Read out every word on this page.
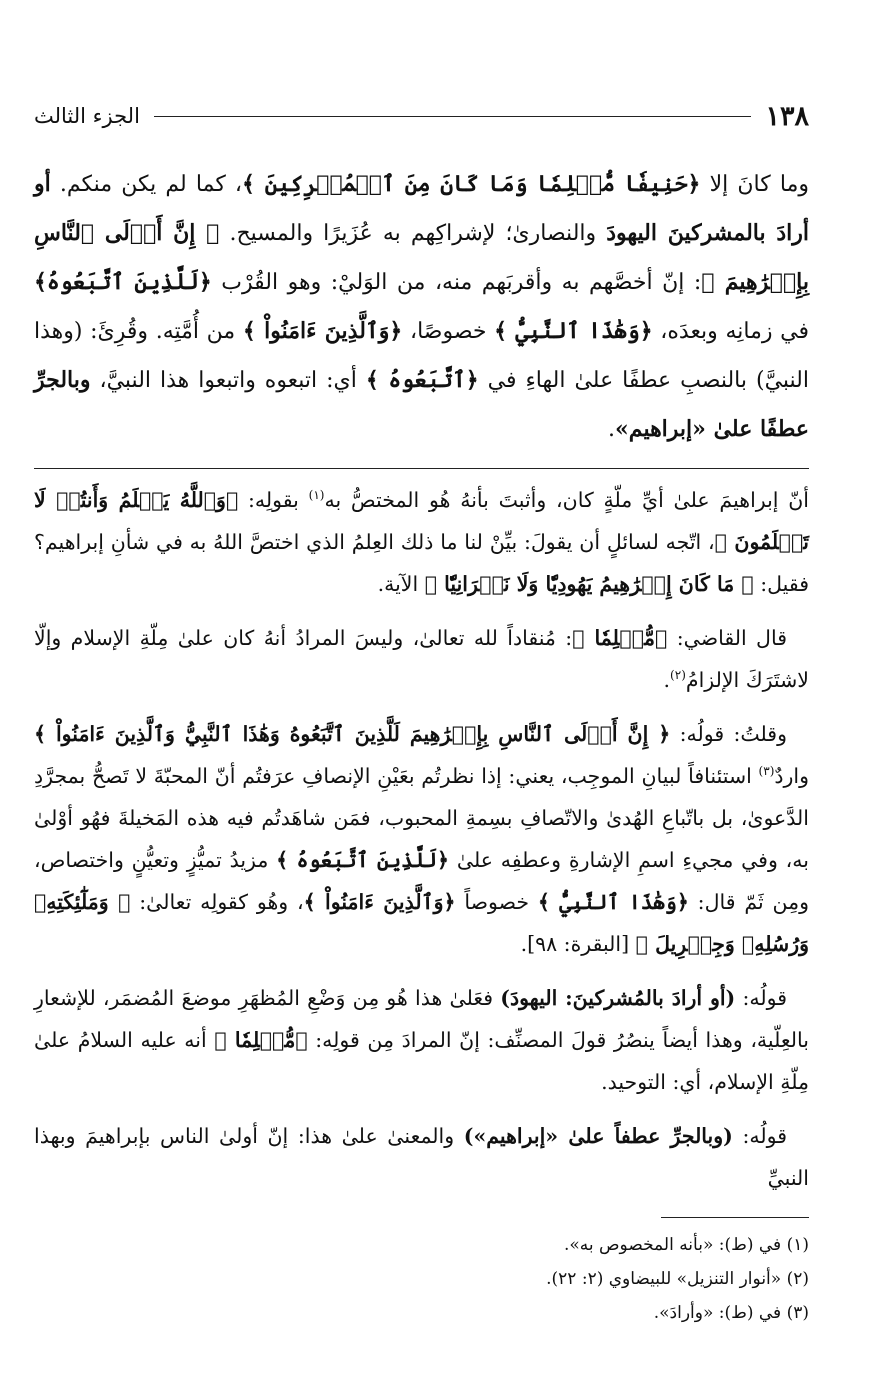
١٣٨
الجزء الثالث

وما كانَ إلا ﴿حَنِيفٗا مُّسۡلِمٗا وَمَا كَانَ مِنَ ٱلۡمُشۡرِكِينَ ﴾، كما لم يكن منكم. أو أرادَ بالمشركينَ اليهودَ والنصارىٰ؛ لإشراكِهم به عُزَيرًا والمسيح. ﴿ إِنَّ أَوۡلَى ٱلنَّاسِ بِإِبۡرَٰهِيمَ ﴾: إنّ أخصَّهم به وأقربَهم منه، من الوَليْ: وهو القُرْب ﴿لَلَّذِينَ ٱتَّبَعُوهُ﴾ في زمانِه وبعدَه، ﴿وَهَٰذَا ٱلنَّبِيُّ ﴾ خصوصًا، ﴿وَٱلَّذِينَ ءَامَنُواْ ﴾ من أُمَّتِه. وقُرِئَ: (وهذا النبيَّ) بالنصبِ عطفًا علىٰ الهاءِ في ﴿ٱتَّبَعُوهُ ﴾ أي: اتبعوه واتبعوا هذا النبيَّ، وبالجرِّ عطفًا علىٰ «إبراهيم».

أنّ إبراهيمَ علىٰ أيِّ ملّةٍ كان، وأثبتَ بأنهُ هُو المختصُّ به$^{(١)}$ بقولِه: ﴿وَٱللَّهُ يَعۡلَمُ وَأَنتُمۡ لَا تَعۡلَمُونَ ﴾، اتّجه لسائلٍ أن يقولَ: بيِّنْ لنا ما ذلك العِلمُ الذي اختصَّ اللهُ به في شأنِ إبراهيم؟ فقيل: ﴿ مَا كَانَ إِبۡرَٰهِيمُ يَهُودِيّٗا وَلَا نَصۡرَانِيّٗا ﴾ الآية.

قال القاضي: ﴿مُّسۡلِمٗا ﴾: مُنقاداً لله تعالىٰ، وليسَ المرادُ أنهُ كان علىٰ مِلّةِ الإسلام وإلّا لاشتَرَكَ الإلزامُ$^{(٢)}$.

وقلتُ: قولُه: ﴿ إِنَّ أَوۡلَى ٱلنَّاسِ بِإِبۡرَٰهِيمَ لَلَّذِينَ ٱتَّبَعُوهُ وَهَٰذَا ٱلنَّبِيُّ وَٱلَّذِينَ ءَامَنُواْ ﴾ واردٌ$^{(٣)}$ استئنافاً لبيانِ الموجِب، يعني: إذا نظرتُم بعَيْنِ الإنصافِ عرَفتُم أنّ المحبّةَ لا تَصحُّ بمجرَّدِ الدَّعوىٰ، بل باتّباعِ الهُدىٰ والاتّصافِ بسِمةِ المحبوب، فمَن شاهَدتُم فيه هذه المَخيلةَ فهُو أوْلىٰ به، وفي مجيءِ اسمِ الإشارةِ وعطفِه علىٰ ﴿لَلَّذِينَ ٱتَّبَعُوهُ ﴾ مزيدُ تميُّزٍ وتعيُّنٍ واختصاص، ومِن ثَمّ قال: ﴿وَهَٰذَا ٱلنَّبِيُّ ﴾ خصوصاً ﴿وَٱلَّذِينَ ءَامَنُواْ ﴾، وهُو كقولِه تعالىٰ: ﴿ وَمَلَٰٓئِكَتِهِۦ وَرُسُلِهِۦ وَجِبۡرِيلَ ﴾ [البقرة: ٩٨].

قولُه: (أو أرادَ بالمُشركينَ: اليهودَ) فعَلىٰ هذا هُو مِن وَضْعِ المُظهَرِ موضعَ المُضمَر، للإشعارِ بالعِلّية، وهذا أيضاً ينصُرُ قولَ المصنِّف: إنّ المرادَ مِن قولِه: ﴿مُّسۡلِمٗا ﴾ أنه عليه السلامُ علىٰ مِلّةِ الإسلام، أي: التوحيد.

قولُه: (وبالجرِّ عطفاً علىٰ «إبراهيم») والمعنىٰ علىٰ هذا: إنّ أولىٰ الناس بإبراهيمَ وبهذا النبيِّ

(١) في (ط): «بأنه المخصوص به».
(٢) «أنوار التنزيل» للبيضاوي (٢: ٢٢).
(٣) في (ط): «وأرادَ».
